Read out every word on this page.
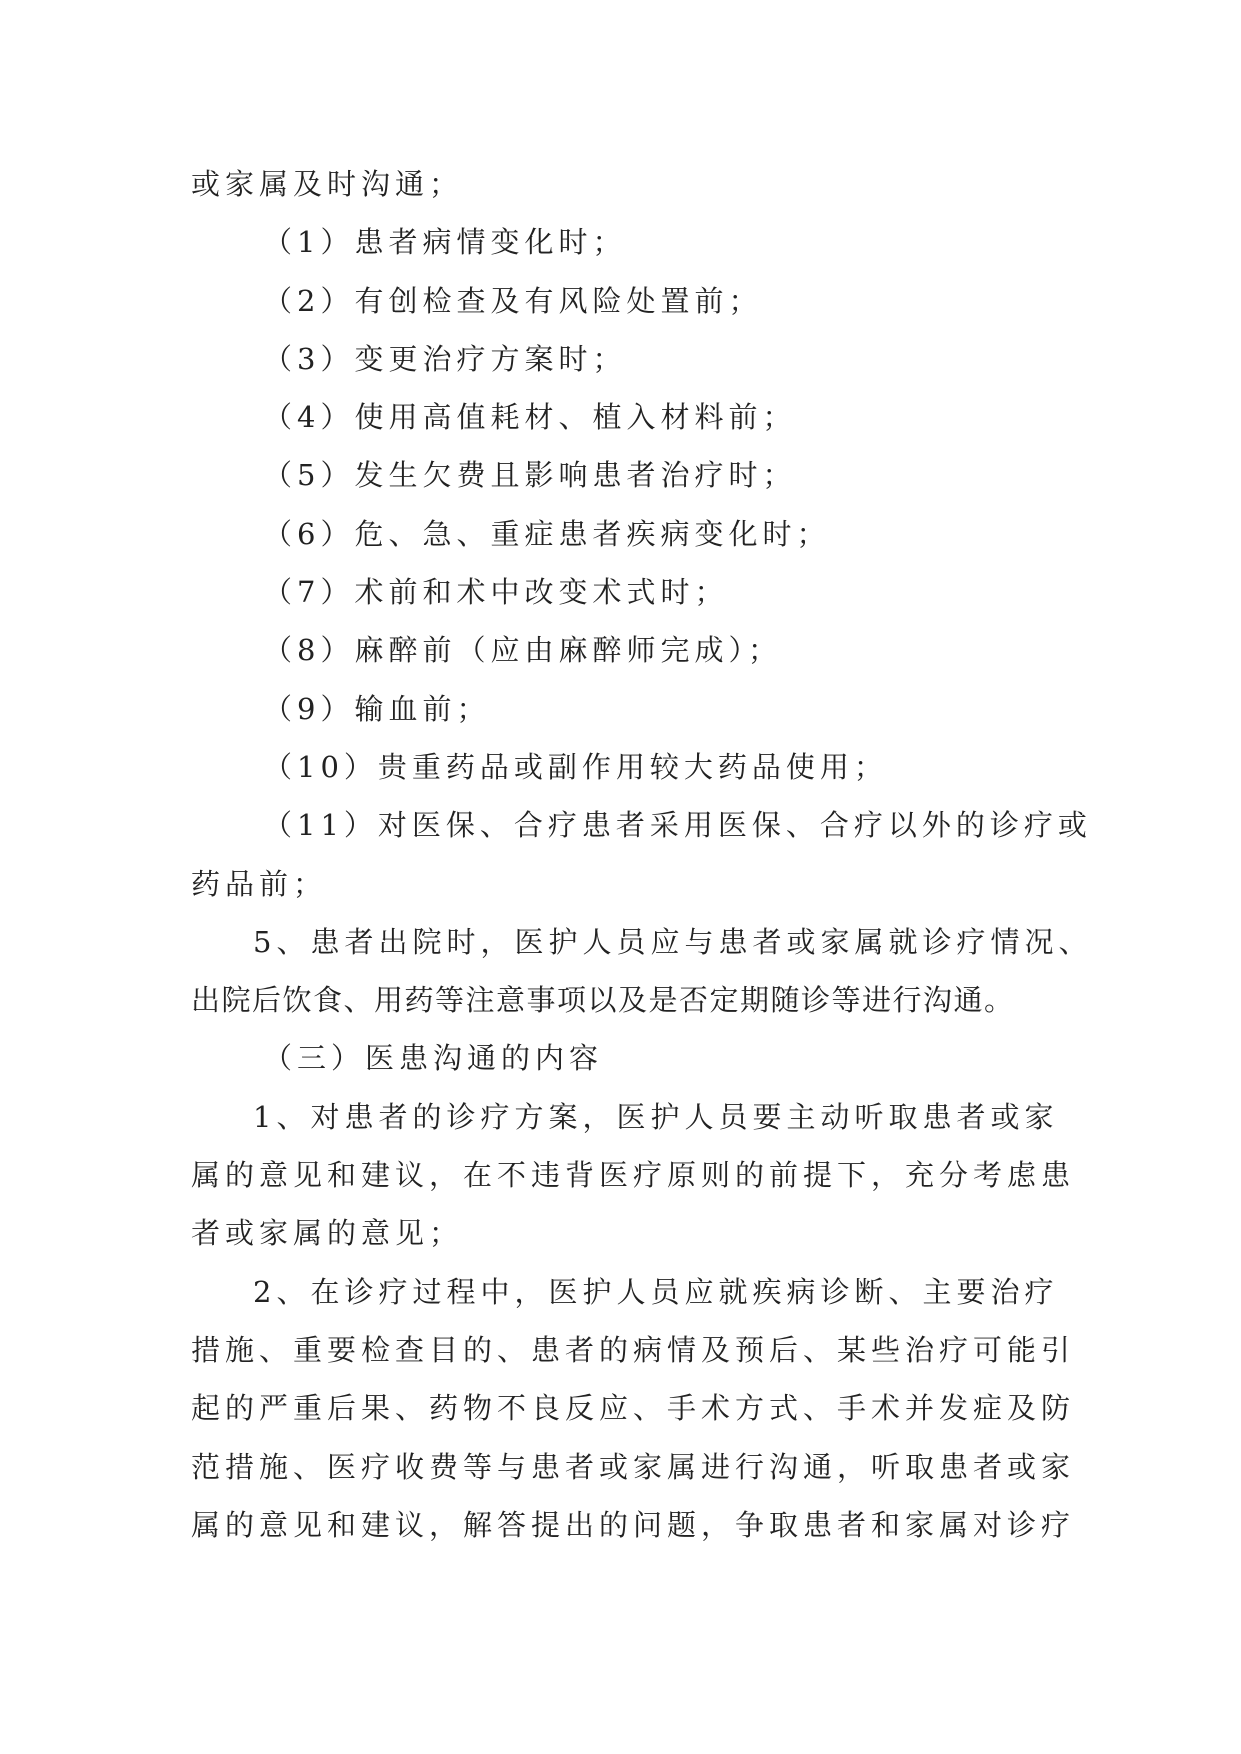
或家属及时沟通；

（1）患者病情变化时；

（2）有创检查及有风险处置前；

（3）变更治疗方案时；

（4）使用高值耗材、植入材料前；

（5）发生欠费且影响患者治疗时；

（6）危、急、重症患者疾病变化时；

（7）术前和术中改变术式时；

（8）麻醉前（应由麻醉师完成）；

（9）输血前；

（10）贵重药品或副作用较大药品使用；

（11）对医保、合疗患者采用医保、合疗以外的诊疗或

药品前；

5、患者出院时，医护人员应与患者或家属就诊疗情况、

出院后饮食、用药等注意事项以及是否定期随诊等进行沟通。

（三）医患沟通的内容

1、对患者的诊疗方案，医护人员要主动听取患者或家

属的意见和建议，在不违背医疗原则的前提下，充分考虑患

者或家属的意见；

2、在诊疗过程中，医护人员应就疾病诊断、主要治疗

措施、重要检查目的、患者的病情及预后、某些治疗可能引

起的严重后果、药物不良反应、手术方式、手术并发症及防

范措施、医疗收费等与患者或家属进行沟通，听取患者或家

属的意见和建议，解答提出的问题，争取患者和家属对诊疗
